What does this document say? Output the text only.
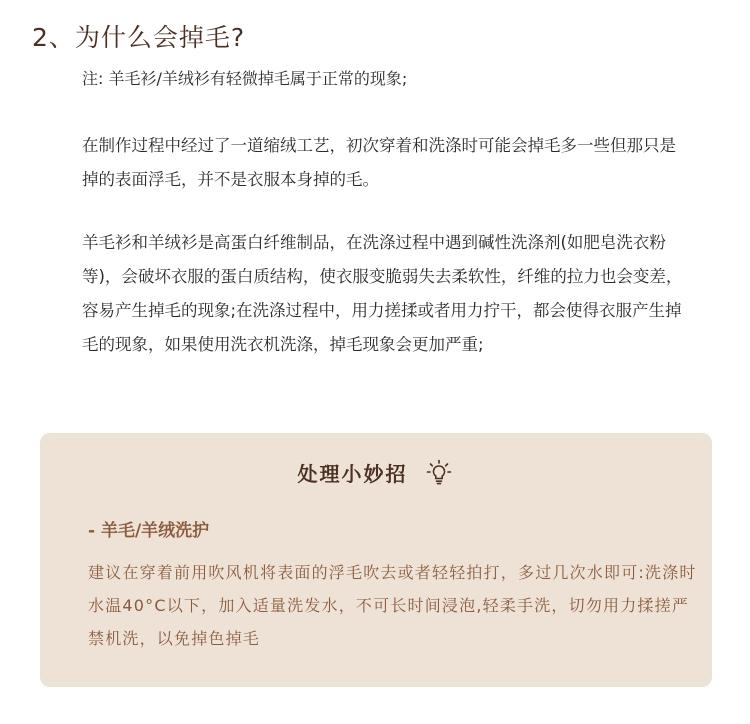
2、为什么会掉毛?
注: 羊毛衫/羊绒衫有轻微掉毛属于正常的现象;
在制作过程中经过了一道缩绒工艺，初次穿着和洗涤时可能会掉毛多一些但那只是掉的表面浮毛，并不是衣服本身掉的毛。
羊毛衫和羊绒衫是高蛋白纤维制品，在洗涤过程中遇到碱性洗涤剂(如肥皂洗衣粉等)，会破坏衣服的蛋白质结构，使衣服变脆弱失去柔软性，纤维的拉力也会变差，容易产生掉毛的现象;在洗涤过程中，用力搓揉或者用力拧干，都会使得衣服产生掉毛的现象，如果使用洗衣机洗涤，掉毛现象会更加严重;
处理小妙招
- 羊毛/羊绒洗护
建议在穿着前用吹风机将表面的浮毛吹去或者轻轻拍打，多过几次水即可:洗涤时水温40°C以下，加入适量洗发水，不可长时间浸泡,轻柔手洗，切勿用力揉搓严禁机洗，以免掉色掉毛
